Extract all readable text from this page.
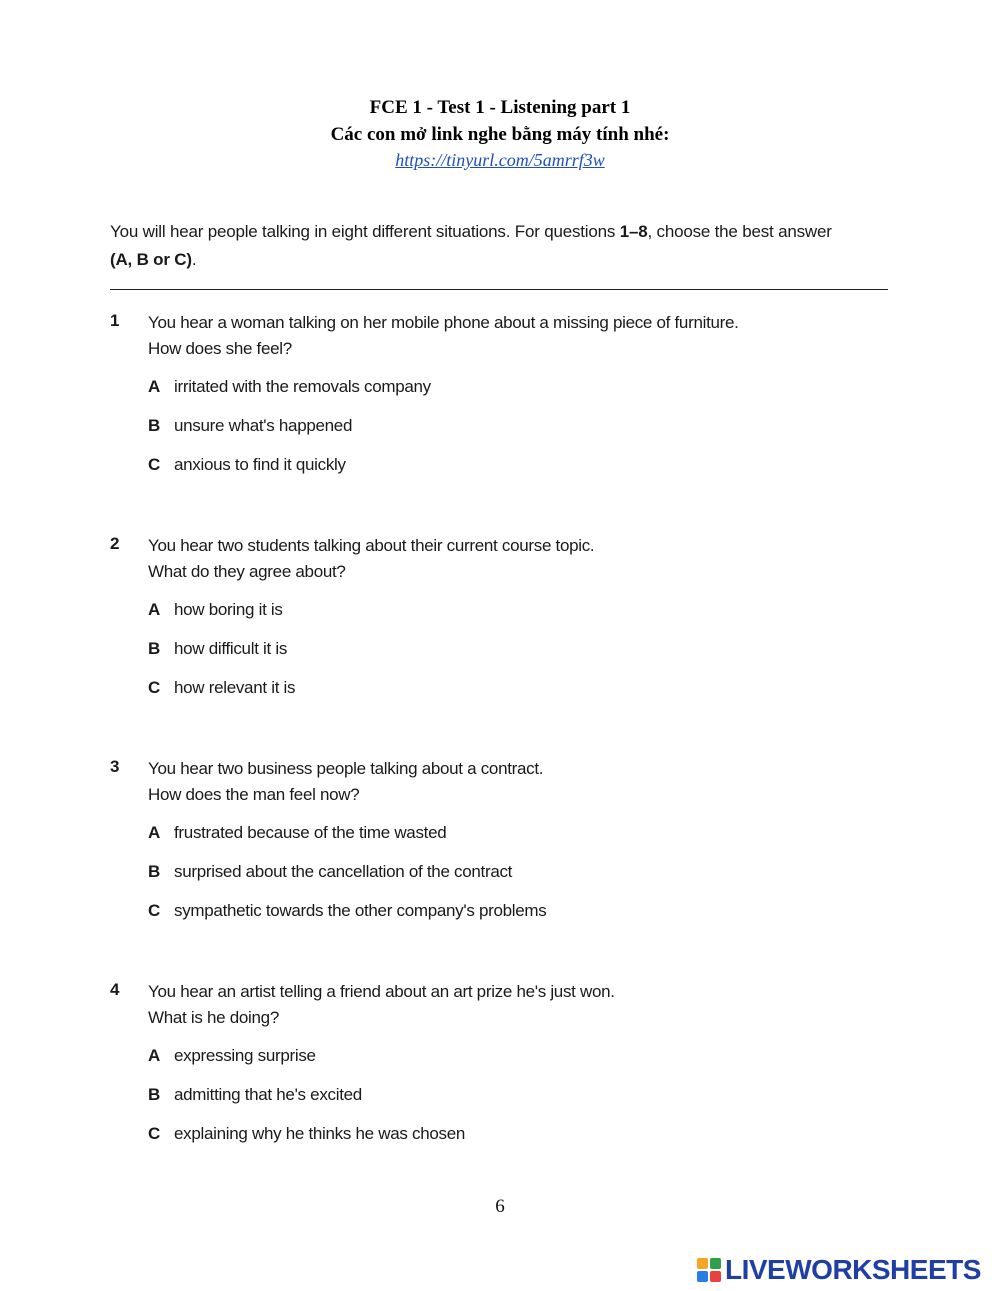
FCE 1 - Test 1 - Listening part 1
Các con mở link nghe bằng máy tính nhé:
https://tinyurl.com/5amrrf3w
You will hear people talking in eight different situations. For questions 1–8, choose the best answer
(A, B or C).
1 You hear a woman talking on her mobile phone about a missing piece of furniture.
How does she feel?
A irritated with the removals company
B unsure what's happened
C anxious to find it quickly
2 You hear two students talking about their current course topic.
What do they agree about?
A how boring it is
B how difficult it is
C how relevant it is
3 You hear two business people talking about a contract.
How does the man feel now?
A frustrated because of the time wasted
B surprised about the cancellation of the contract
C sympathetic towards the other company's problems
4 You hear an artist telling a friend about an art prize he's just won.
What is he doing?
A expressing surprise
B admitting that he's excited
C explaining why he thinks he was chosen
6
LIVEWORKSHEETS
